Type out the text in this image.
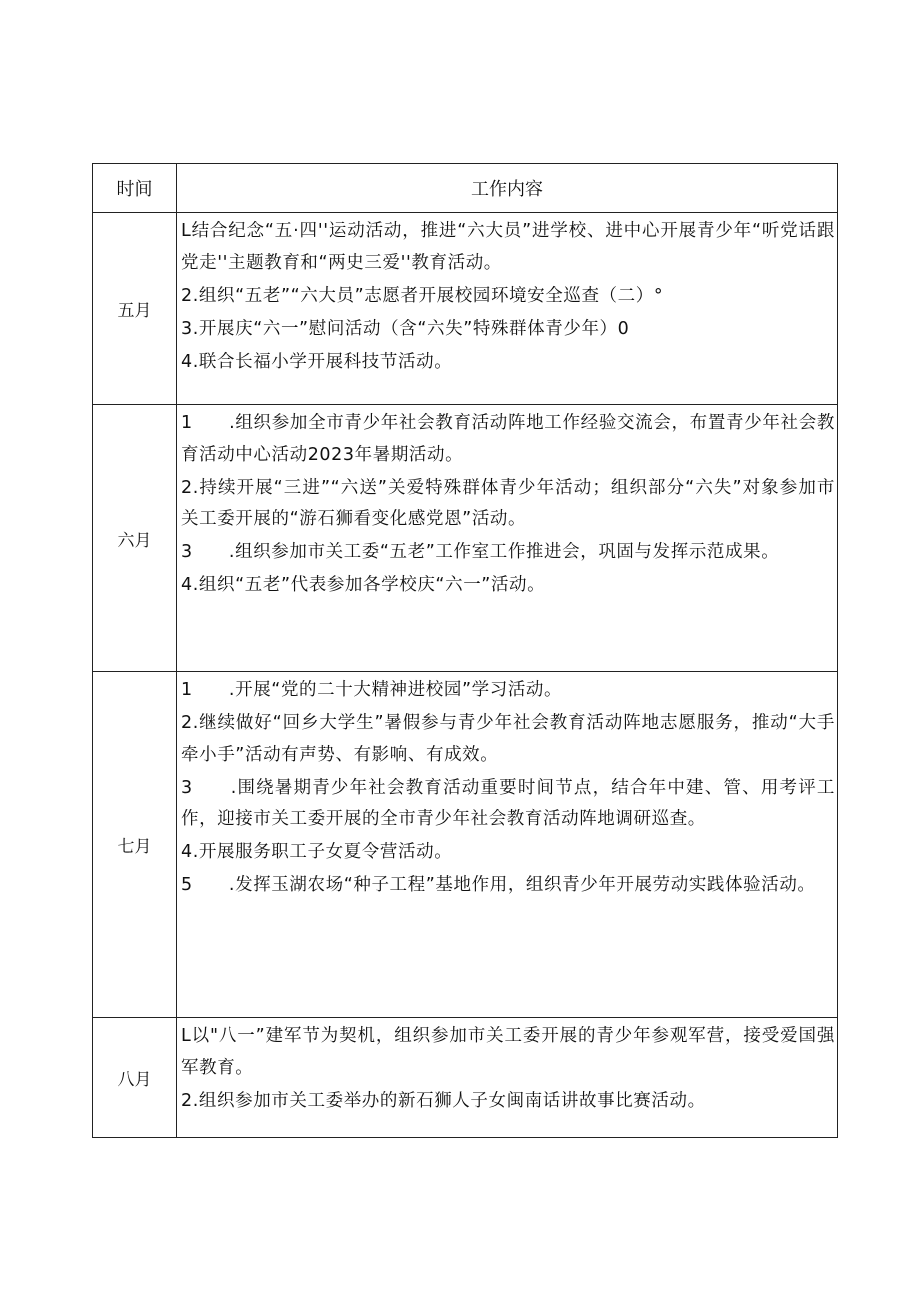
时间	工作内容
五月	L结合纪念“五·四''运动活动，推进“六大员”进学校、进中心开展青少年“听党话跟党走''主题教育和“两史三爱''教育活动。

2.组织“五老”“六大员”志愿者开展校园环境安全巡查（二）°

3.开展庆“六一”慰问活动（含“六失”特殊群体青少年）0

4.联合长福小学开展科技节活动。

六月	1　　.组织参加全市青少年社会教育活动阵地工作经验交流会，布置青少年社会教育活动中心活动2023年暑期活动。

2.持续开展“三进”“六送”关爱特殊群体青少年活动；组织部分“六失”对象参加市关工委开展的“游石狮看变化感党恩”活动。

3　　.组织参加市关工委“五老”工作室工作推进会，巩固与发挥示范成果。

4.组织“五老”代表参加各学校庆“六一”活动。

七月	1　　.开展“党的二十大精神进校园”学习活动。

2.继续做好“回乡大学生”暑假参与青少年社会教育活动阵地志愿服务，推动“大手牵小手”活动有声势、有影响、有成效。

3　　.围绕暑期青少年社会教育活动重要时间节点，结合年中建、管、用考评工作，迎接市关工委开展的全市青少年社会教育活动阵地调研巡查。

4.开展服务职工子女夏令营活动。

5　　.发挥玉湖农场“种子工程”基地作用，组织青少年开展劳动实践体验活动。

八月	L以"八一”建军节为契机，组织参加市关工委开展的青少年参观军营，接受爱国强军教育。

2.组织参加市关工委举办的新石狮人子女闽南话讲故事比赛活动。
